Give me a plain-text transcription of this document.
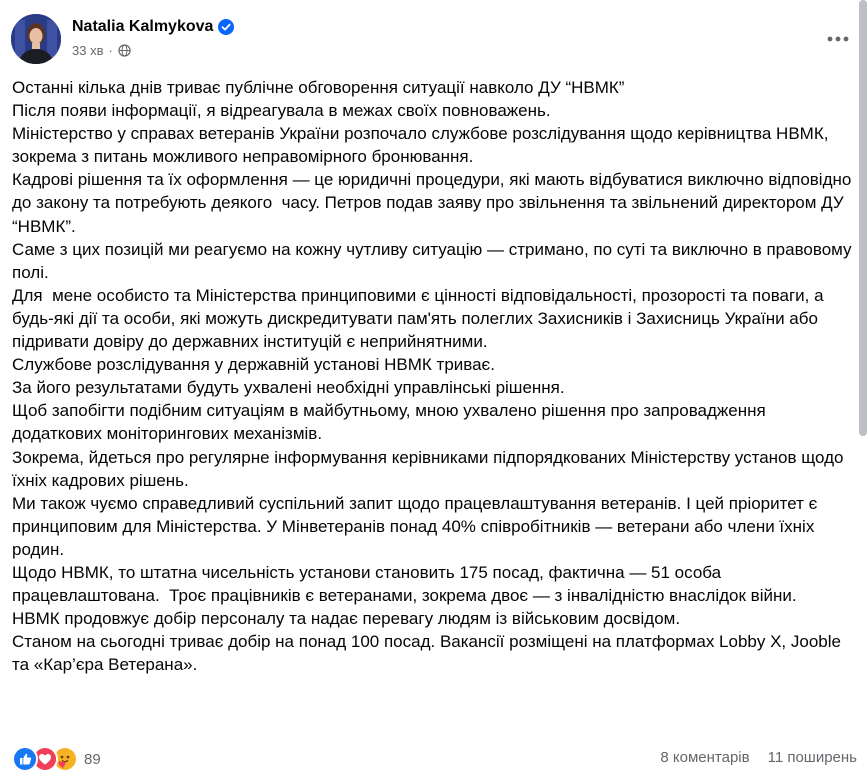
Natalia Kalmykova
33 хв ·

Останні кілька днів триває публічне обговорення ситуації навколо ДУ “НВМК”

Після появи інформації, я відреагувала в межах своїх повноважень.

Міністерство у справах ветеранів України розпочало службове розслідування щодо керівництва НВМК, зокрема з питань можливого неправомірного бронювання.

Кадрові рішення та їх оформлення — це юридичні процедури, які мають відбуватися виключно відповідно до закону та потребують деякого  часу. Петров подав заяву про звільнення та звільнений директором ДУ “НВМК”.

Саме з цих позицій ми реагуємо на кожну чутливу ситуацію — стримано, по суті та виключно в правовому полі.

Для  мене особисто та Міністерства принциповими є цінності відповідальності, прозорості та поваги, а  будь-які дії та особи, які можуть дискредитувати пам'ять полеглих Захисників і Захисниць України або підривати довіру до державних інституцій є неприйнятними.

Службове розслідування у державній установі НВМК триває.

За його результатами будуть ухвалені необхідні управлінські рішення.

Щоб запобігти подібним ситуаціям в майбутньому, мною ухвалено рішення про запровадження додаткових моніторингових механізмів.

Зокрема, йдеться про регулярне інформування керівниками підпорядкованих Міністерству установ щодо  їхніх кадрових рішень.

Ми також чуємо справедливий суспільний запит щодо працевлаштування ветеранів. І цей пріоритет є принциповим для Міністерства. У Мінветеранів понад 40% співробітників — ветерани або члени їхніх родин.

Щодо НВМК, то штатна чисельність установи становить 175 посад, фактична — 51 особа працевлаштована.  Троє працівників є ветеранами, зокрема двоє — з інвалідністю внаслідок війни.

НВМК продовжує добір персоналу та надає перевагу людям із військовим досвідом.

Станом на сьогодні триває добір на понад 100 посад. Вакансії розміщені на платформах Lobby X, Jooble та «Кар’єра Ветерана».

89	8 коментарів 11 поширень
